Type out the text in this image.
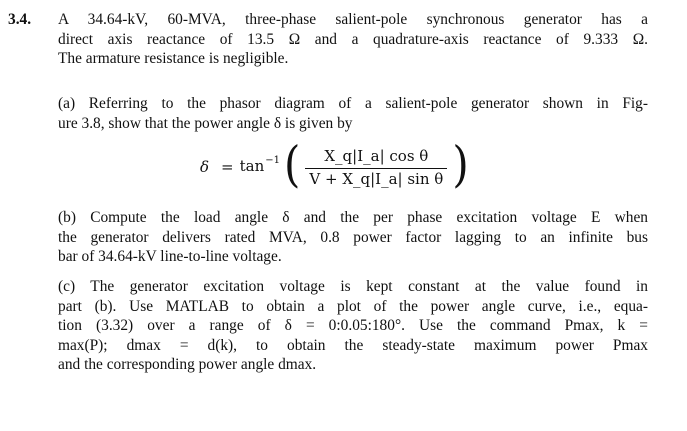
3.4. A 34.64-kV, 60-MVA, three-phase salient-pole synchronous generator has a
direct axis reactance of 13.5 Ω and a quadrature-axis reactance of 9.333 Ω.
The armature resistance is negligible.
(a) Referring to the phasor diagram of a salient-pole generator shown in Fig-
ure 3.8, show that the power angle δ is given by
$\delta = \tan^{-1}$ ( $\frac{\text{X\_q|I\_a| cos θ}}{\text{V + X\_q|I\_a| sin θ}}$ )
(b) Compute the load angle δ and the per phase excitation voltage E when
the generator delivers rated MVA, 0.8 power factor lagging to an infinite bus
bar of 34.64-kV line-to-line voltage.
(c) The generator excitation voltage is kept constant at the value found in
part (b). Use MATLAB to obtain a plot of the power angle curve, i.e., equa-
tion (3.32) over a range of δ = 0:0.05:180°. Use the command Pmax, k =
max(P); dmax = d(k), to obtain the steady-state maximum power Pmax
and the corresponding power angle dmax.
